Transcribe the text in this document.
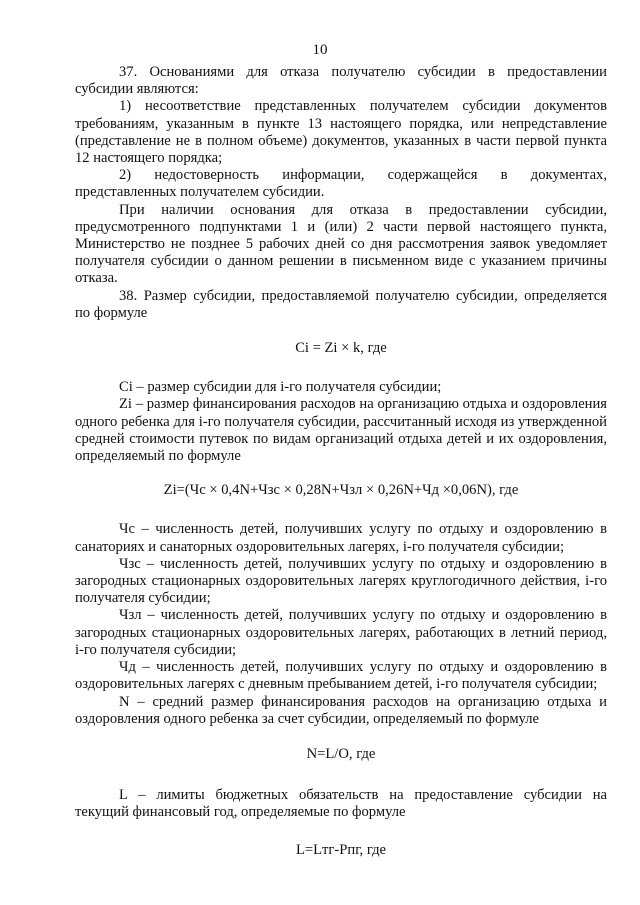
10

37. Основаниями для отказа получателю субсидии в предоставлении субсидии являются:

1) несоответствие представленных получателем субсидии документов требованиям, указанным в пункте 13 настоящего порядка, или непредставление (представление не в полном объеме) документов, указанных в части первой пункта 12 настоящего порядка;

2) недостоверность информации, содержащейся в документах, представленных получателем субсидии.

При наличии основания для отказа в предоставлении субсидии, предусмотренного подпунктами 1 и (или) 2 части первой настоящего пункта, Министерство не позднее 5 рабочих дней со дня рассмотрения заявок уведомляет получателя субсидии о данном решении в письменном виде с указанием причины отказа.

38. Размер субсидии, предоставляемой получателю субсидии, определяется по формуле

Ci = Zi × k, где

Ci – размер субсидии для i-го получателя субсидии;

Zi – размер финансирования расходов на организацию отдыха и оздоровления одного ребенка для i-го получателя субсидии, рассчитанный исходя из утвержденной средней стоимости путевок по видам организаций отдыха детей и их оздоровления, определяемый по формуле

Zi=(Чс × 0,4N+Чзс × 0,28N+Чзл × 0,26N+Чд ×0,06N), где

Чс – численность детей, получивших услугу по отдыху и оздоровлению в санаториях и санаторных оздоровительных лагерях, i-го получателя субсидии;

Чзс – численность детей, получивших услугу по отдыху и оздоровлению в загородных стационарных оздоровительных лагерях круглогодичного действия, i-го получателя субсидии;

Чзл – численность детей, получивших услугу по отдыху и оздоровлению в загородных стационарных оздоровительных лагерях, работающих в летний период, i-го получателя субсидии;

Чд – численность детей, получивших услугу по отдыху и оздоровлению в оздоровительных лагерях с дневным пребыванием детей, i-го получателя субсидии;

N – средний размер финансирования расходов на организацию отдыха и оздоровления одного ребенка за счет субсидии, определяемый по формуле

N=L/O, где

L – лимиты бюджетных обязательств на предоставление субсидии на текущий финансовый год, определяемые по формуле

L=Lтг-Рпг, где
